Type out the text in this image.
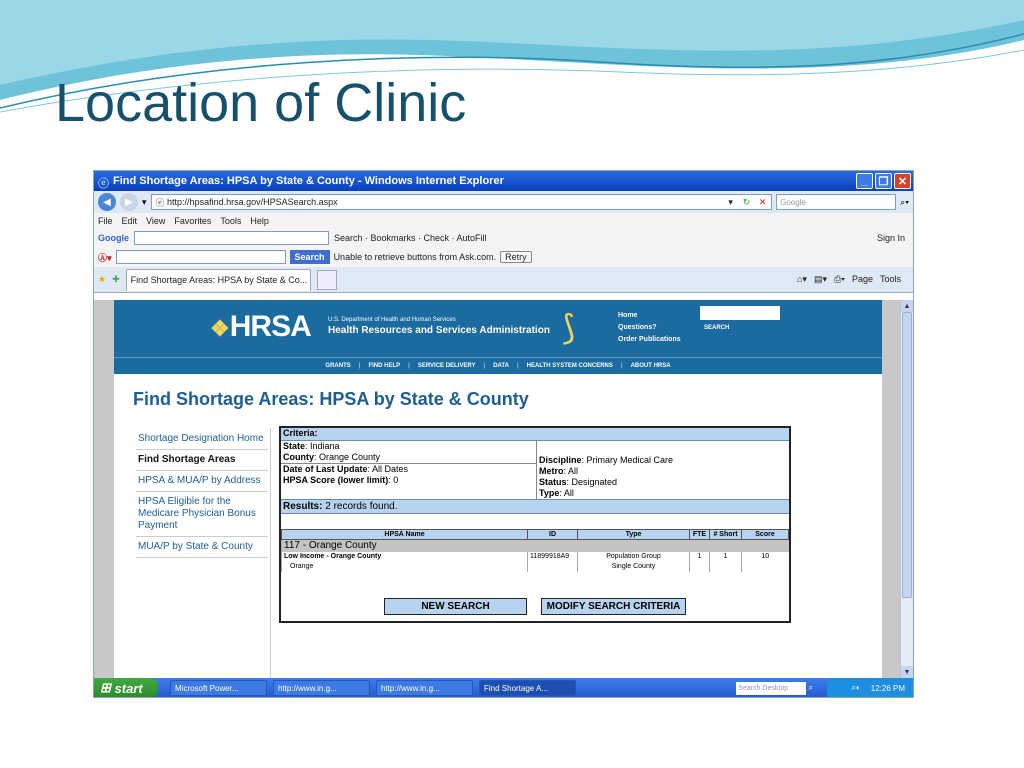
Location of Clinic
ⓔ Find Shortage Areas: HPSA by State & County - Windows Internet Explorer	_	❐ ✕
◀	▶	▾ ⓔ http://hpsafind.hrsa.gov/HPSASearch.aspx	▾	↻ ✕	Google	⌕▾
File Edit View Favorites Tools Help
Google	Search · Bookmarks · Check · AutoFill	Sign In
Ⓐ▾	Search	Unable to retrieve buttons from Ask.com.	Retry
★ ✚ Find Shortage Areas: HPSA by State & Co...	⌂▾ ▤▾ ⎙▾ Page Tools
❖HRSA	U.S. Department of Health and Human Services
Health Resources and Services Administration ⟆	Home
Questions?
Order Publications
SEARCH
GRANTS | FIND HELP | SERVICE DELIVERY | DATA | HEALTH SYSTEM CONCERNS | ABOUT HRSA
Find Shortage Areas: HPSA by State & County
Shortage Designation Home
Find Shortage Areas
HPSA & MUA/P by Address
HPSA Eligible for the Medicare Physician Bonus Payment
MUA/P by State & County
Criteria:
State: Indiana
County: Orange County
Date of Last Update: All Dates
HPSA Score (lower limit): 0
Discipline: Primary Medical Care
Metro: All
Status: Designated
Type: All
Results:
2 records found.
HPSA Name	ID	Type	FTE	# Short	Score
117 - Orange County					
Low Income - Orange County	11899918A9	Population Group	1	1	10
Orange		Single County			
NEW SEARCH	MODIFY SEARCH CRITERIA
▲
▼
⊞ start	Microsoft Power...	http://www.in.g...	http://www.in.g...	Find Shortage A...	Search Desktop	⌕	⌕◐ 12:26 PM
